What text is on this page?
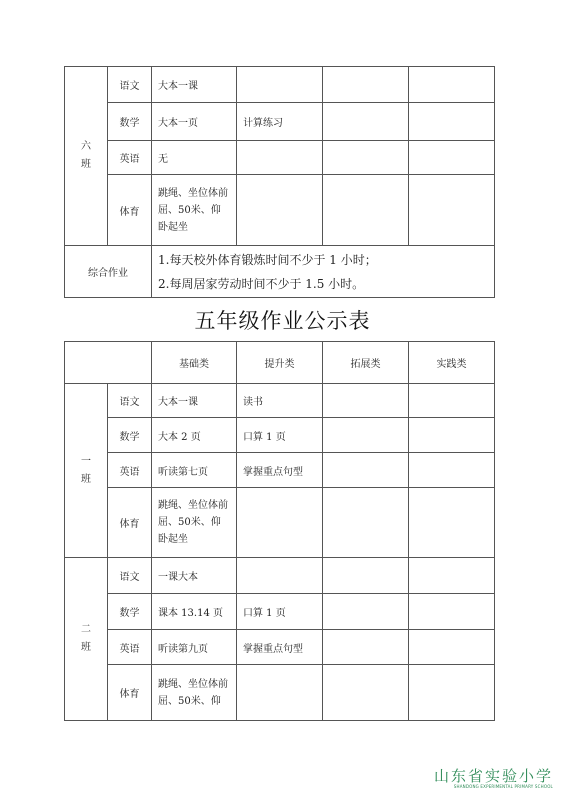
六
班	语文	大本一课			
	数学	大本一页	计算练习		
	英语	无			
	体育	跳绳、坐位体前屈、50米、仰卧起坐			
综合作业		1.每天校外体育锻炼时间不少于 1 小时；
2.每周居家劳动时间不少于 1.5 小时。			
五年级作业公示表
		基础类	提升类	拓展类	实践类
一
班	语文	大本一课	读书		
	数学	大本 2 页	口算 1 页		
	英语	听读第七页	掌握重点句型		
	体育	跳绳、坐位体前屈、50米、仰卧起坐			
二
班	语文	一课大本			
	数学	课本 13.14 页	口算 1 页		
	英语	听读第九页	掌握重点句型		
	体育	跳绳、坐位体前屈、50米、仰			
山东省实验小学
SHANDONG EXPERIMENTAL PRIMARY SCHOOL
